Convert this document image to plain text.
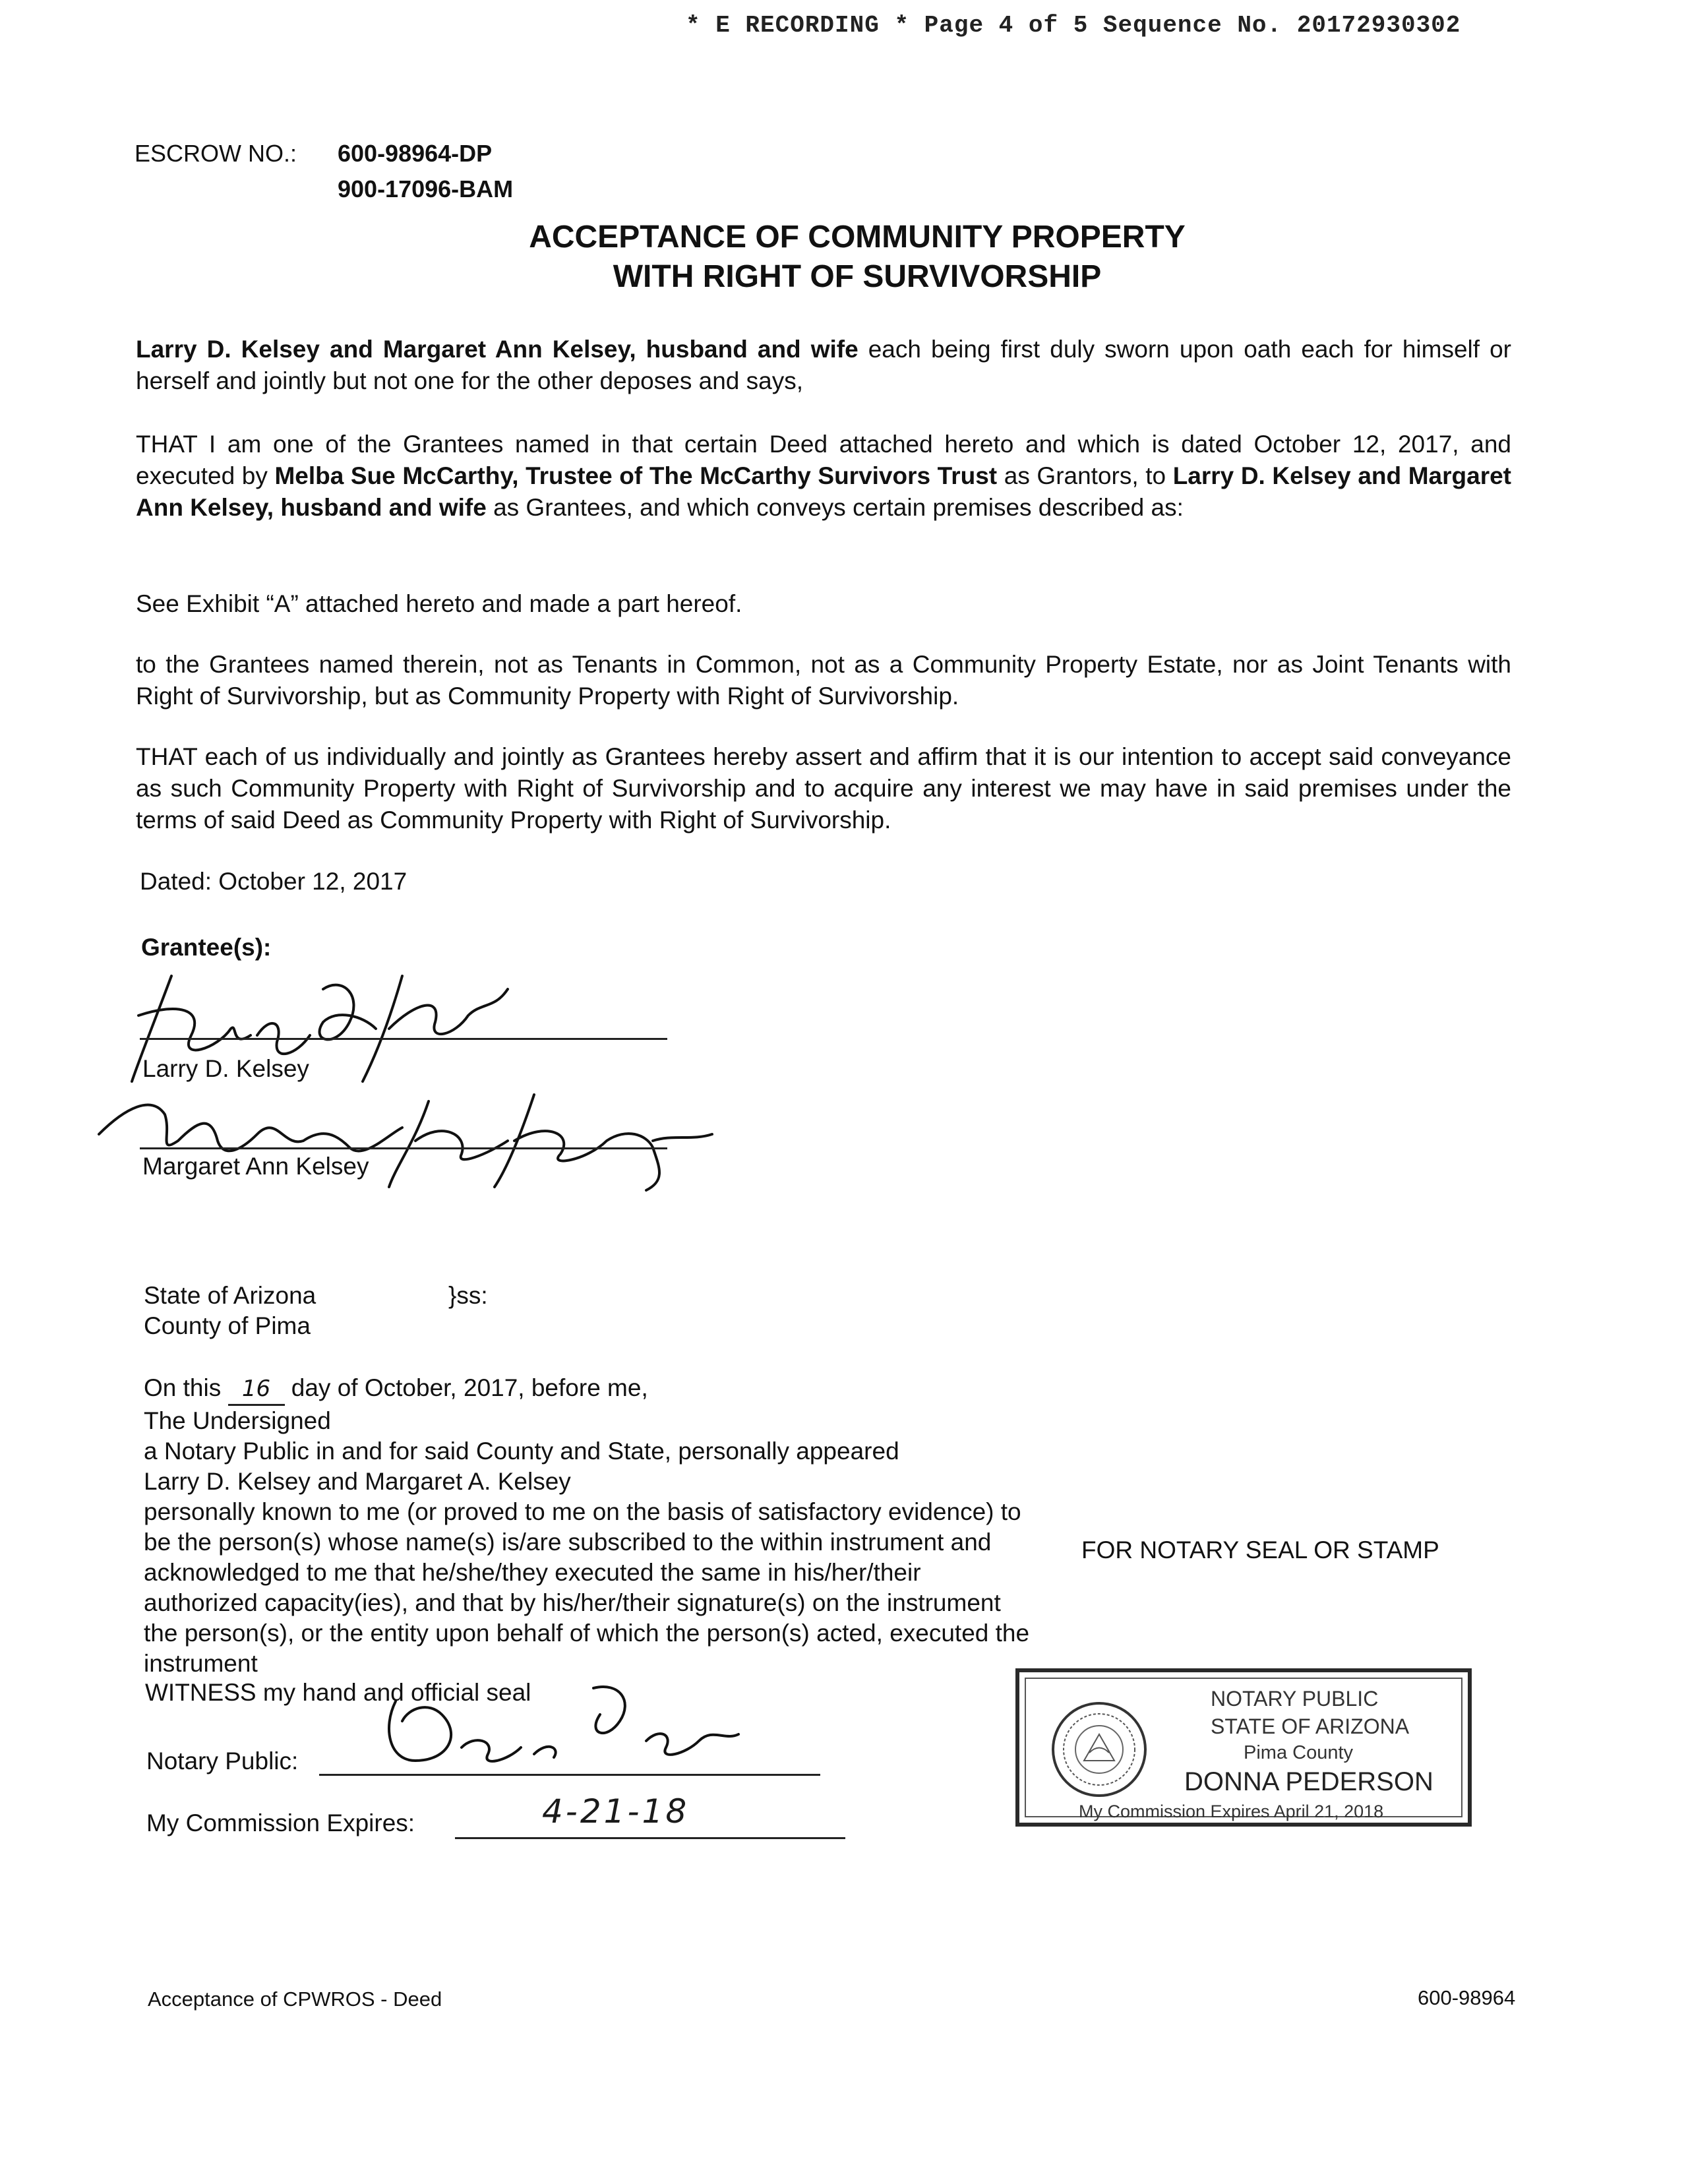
* E RECORDING * Page 4 of 5 Sequence No. 20172930302
ESCROW NO.: 600-98964-DP
900-17096-BAM
ACCEPTANCE OF COMMUNITY PROPERTY
WITH RIGHT OF SURVIVORSHIP
Larry D. Kelsey and Margaret Ann Kelsey, husband and wife each being first duly sworn upon oath each for himself or herself and jointly but not one for the other deposes and says,
THAT I am one of the Grantees named in that certain Deed attached hereto and which is dated October 12, 2017, and executed by Melba Sue McCarthy, Trustee of The McCarthy Survivors Trust as Grantors, to Larry D. Kelsey and Margaret Ann Kelsey, husband and wife as Grantees, and which conveys certain premises described as:
See Exhibit “A” attached hereto and made a part hereof.
to the Grantees named therein, not as Tenants in Common, not as a Community Property Estate, nor as Joint Tenants with Right of Survivorship, but as Community Property with Right of Survivorship.
THAT each of us individually and jointly as Grantees hereby assert and affirm that it is our intention to accept said conveyance as such Community Property with Right of Survivorship and to acquire any interest we may have in said premises under the terms of said Deed as Community Property with Right of Survivorship.
Dated: October 12, 2017
Grantee(s):
Larry D. Kelsey
Margaret Ann Kelsey
State of Arizona	}ss:
County of Pima
On this 16 day of October, 2017, before me,
The Undersigned
a Notary Public in and for said County and State, personally appeared
Larry D. Kelsey and Margaret A. Kelsey
personally known to me (or proved to me on the basis of satisfactory evidence) to be the person(s) whose name(s) is/are subscribed to the within instrument and acknowledged to me that he/she/they executed the same in his/her/their authorized capacity(ies), and that by his/her/their signature(s) on the instrument the person(s), or the entity upon behalf of which the person(s) acted, executed the instrument
WITNESS my hand and official seal
Notary Public:
My Commission Expires:	4-21-18
FOR NOTARY SEAL OR STAMP
NOTARY PUBLIC
STATE OF ARIZONA
Pima County
DONNA PEDERSON
My Commission Expires April 21, 2018
Acceptance of CPWROS - Deed	600-98964
